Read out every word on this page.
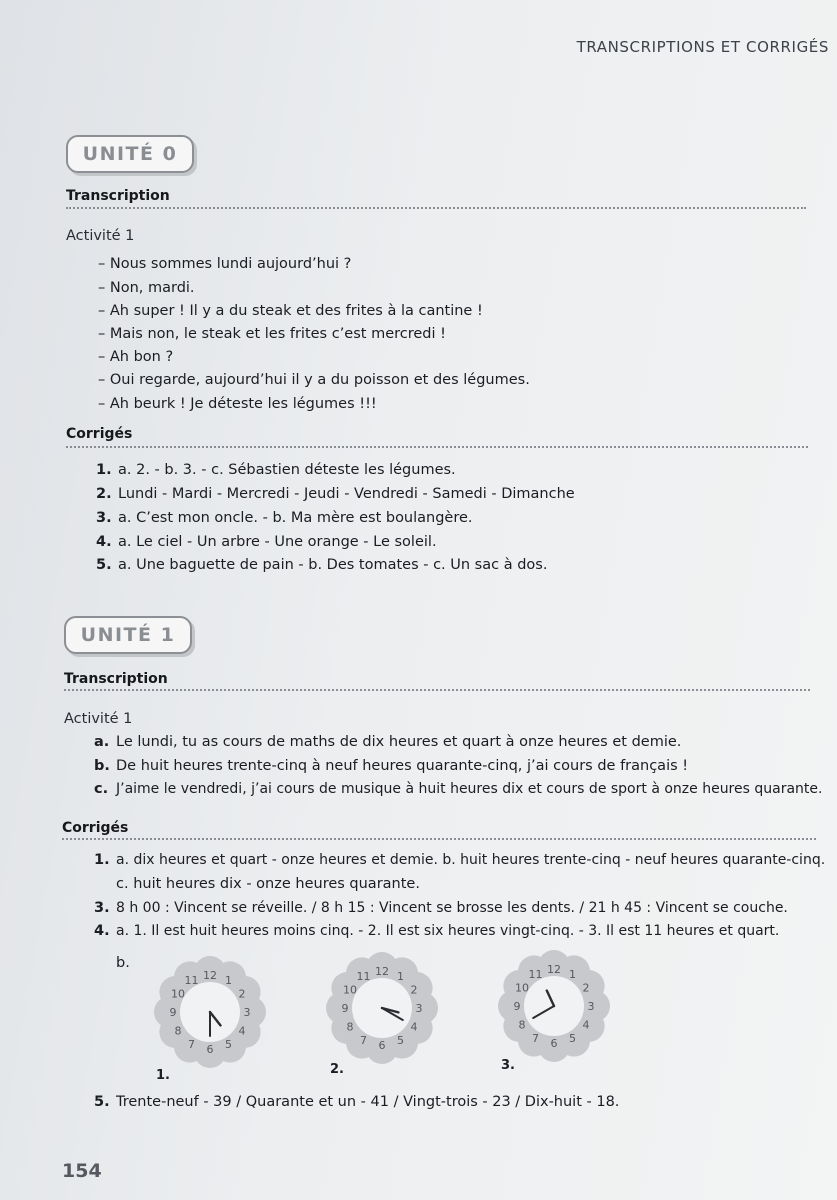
TRANSCRIPTIONS ET CORRIGÉS
UNITÉ 0
Transcription
Activité 1
– Nous sommes lundi aujourd’hui ?
– Non, mardi.
– Ah super ! Il y a du steak et des frites à la cantine !
– Mais non, le steak et les frites c’est mercredi !
– Ah bon ?
– Oui regarde, aujourd’hui il y a du poisson et des légumes.
– Ah beurk ! Je déteste les légumes !!!
Corrigés
1. a. 2. - b. 3. - c. Sébastien déteste les légumes.
2. Lundi - Mardi - Mercredi - Jeudi - Vendredi - Samedi - Dimanche
3. a. C’est mon oncle. - b. Ma mère est boulangère.
4. a. Le ciel - Un arbre - Une orange - Le soleil.
5. a. Une baguette de pain - b. Des tomates - c. Un sac à dos.
UNITÉ 1
Transcription
Activité 1
a. Le lundi, tu as cours de maths de dix heures et quart à onze heures et demie.
b. De huit heures trente-cinq à neuf heures quarante-cinq, j’ai cours de français !
c. J’aime le vendredi, j’ai cours de musique à huit heures dix et cours de sport à onze heures quarante.
Corrigés
1. a. dix heures et quart - onze heures et demie. b. huit heures trente-cinq - neuf heures quarante-cinq.
c. huit heures dix - onze heures quarante.
3. 8 h 00 : Vincent se réveille. / 8 h 15 : Vincent se brosse les dents. / 21 h 45 : Vincent se couche.
4. a. 1. Il est huit heures moins cinq. - 2. Il est six heures vingt-cinq. - 3. Il est 11 heures et quart.
b.
12 1
2
3
4
5
6
7
8
9
10
11
1.
12 1
2
3
4
5
6
7
8
9
10
11
2.
12 1
2
3
4
5
6
7
8
9
10
11
3.
5. Trente-neuf - 39 / Quarante et un - 41 / Vingt-trois - 23 / Dix-huit - 18.
154
